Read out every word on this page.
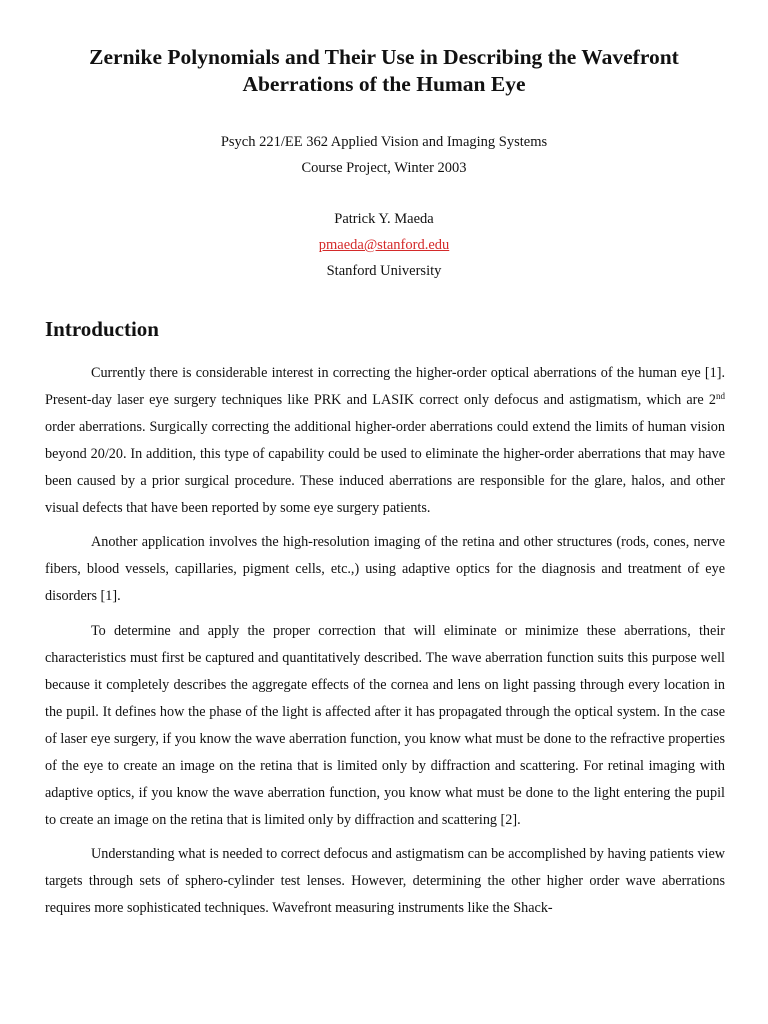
Zernike Polynomials and Their Use in Describing the Wavefront Aberrations of the Human Eye

Psych 221/EE 362 Applied Vision and Imaging Systems

Course Project, Winter 2003

Patrick Y. Maeda

pmaeda@stanford.edu

Stanford University

Introduction

Currently there is considerable interest in correcting the higher-order optical aberrations of the human eye [1]. Present-day laser eye surgery techniques like PRK and LASIK correct only defocus and astigmatism, which are 2nd order aberrations. Surgically correcting the additional higher-order aberrations could extend the limits of human vision beyond 20/20. In addition, this type of capability could be used to eliminate the higher-order aberrations that may have been caused by a prior surgical procedure. These induced aberrations are responsible for the glare, halos, and other visual defects that have been reported by some eye surgery patients.

Another application involves the high-resolution imaging of the retina and other structures (rods, cones, nerve fibers, blood vessels, capillaries, pigment cells, etc.,) using adaptive optics for the diagnosis and treatment of eye disorders [1].

To determine and apply the proper correction that will eliminate or minimize these aberrations, their characteristics must first be captured and quantitatively described. The wave aberration function suits this purpose well because it completely describes the aggregate effects of the cornea and lens on light passing through every location in the pupil. It defines how the phase of the light is affected after it has propagated through the optical system. In the case of laser eye surgery, if you know the wave aberration function, you know what must be done to the refractive properties of the eye to create an image on the retina that is limited only by diffraction and scattering. For retinal imaging with adaptive optics, if you know the wave aberration function, you know what must be done to the light entering the pupil to create an image on the retina that is limited only by diffraction and scattering [2].

Understanding what is needed to correct defocus and astigmatism can be accomplished by having patients view targets through sets of sphero-cylinder test lenses. However, determining the other higher order wave aberrations requires more sophisticated techniques. Wavefront measuring instruments like the Shack-
